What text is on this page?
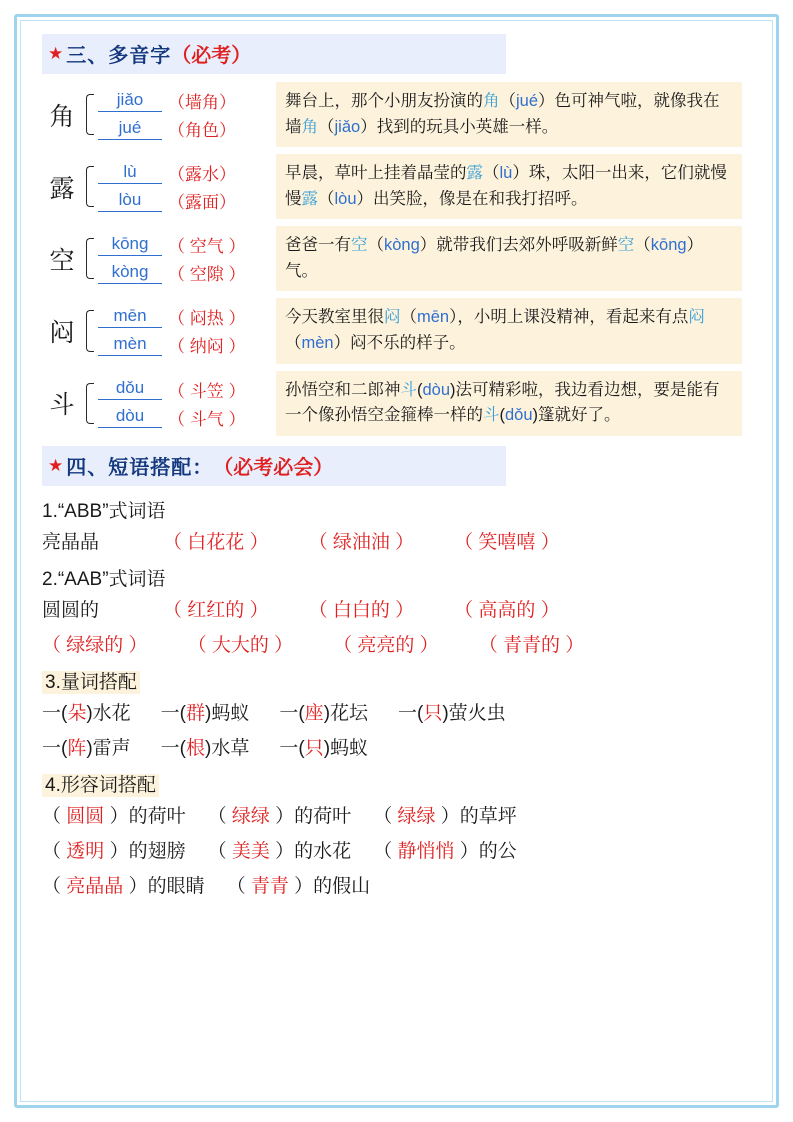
★ 三、多音字 （必考）
角
jiǎo	（墙角）
jué	（角色）
舞台上，那个小朋友扮演的角（jué）色可神气啦，就像我在墙角（jiǎo）找到的玩具小英雄一样。
露
lù	（露水）
lòu	（露面）
早晨，草叶上挂着晶莹的露（lù）珠，太阳一出来，它们就慢慢露（lòu）出笑脸，像是在和我打招呼。
空
kōng	（ 空气 ）
kòng	（ 空隙 ）
爸爸一有空（kòng）就带我们去郊外呼吸新鲜空（kōng）气。
闷
mēn	（ 闷热 ）
mèn	（ 纳闷 ）
今天教室里很闷（mēn），小明上课没精神，看起来有点闷（mèn）闷不乐的样子。
斗
dǒu	（ 斗笠 ）
dòu	（ 斗气 ）
孙悟空和二郎神斗(dòu)法可精彩啦，我边看边想，要是能有一个像孙悟空金箍棒一样的斗(dǒu)篷就好了。
★ 四、短语搭配： （必考必会）
1.“ABB”式词语
亮晶晶	（ 白花花 ） （ 绿油油 ） （ 笑嘻嘻 ）
2.“AAB”式词语
圆圆的	（ 红红的 ） （ 白白的 ） （ 高高的 ）
（ 绿绿的 ） （ 大大的 ） （ 亮亮的 ） （ 青青的 ）
3.量词搭配
一(朵)水花 一(群)蚂蚁 一(座)花坛 一(只)萤火虫
一(阵)雷声 一(根)水草 一(只)蚂蚁
4.形容词搭配
（ 圆圆 ）的荷叶 （ 绿绿 ）的荷叶 （ 绿绿 ）的草坪
（ 透明 ）的翅膀 （ 美美 ）的水花 （ 静悄悄 ）的公
（ 亮晶晶 ）的眼睛 （ 青青 ）的假山
